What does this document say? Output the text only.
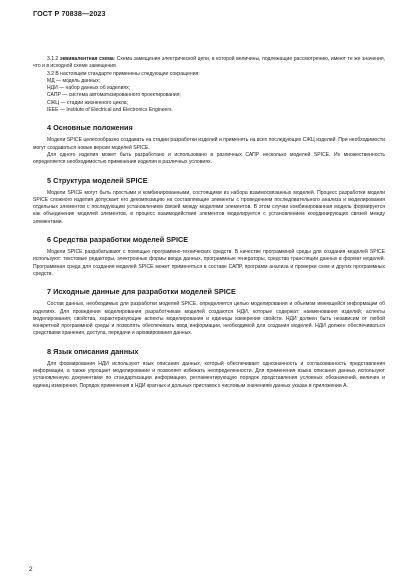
ГОСТ Р 70838—2023

3.1.2 эквивалентная схема: Схема замещения электрической цепи, в которой величины, подлежащие рассмотрению, имеют те же значения, что и в исходной схеме замещения.

3.2 В настоящем стандарте применены следующие сокращения:

МД — модель данных;

НДИ — набор данных об изделиях;

САПР — система автоматизированного проектирования;

СЖЦ — стадии жизненного цикла;

IEEE — Institute of Electrical and Electronics Engineers.

4 Основные положения

Модели SPICE целесообразно создавать на стадии разработки изделий и применять на всех последующих СЖЦ изделий. При необходимости могут создаваться новые версии моделей SPICE.

Для одного изделия может быть разработано и использовано в различных САПР несколько моделей SPICE. Их множественность определяется необходимостью применения изделия в различных условиях.

5 Структура моделей SPICE

Модели SPICE могут быть простыми и комбинированными, состоящими из набора взаимосвязанных моделей. Процесс разработки модели SPICE сложного изделия допускает его декомпозицию на составляющие элементы с проведением последовательного анализа и моделирования отдельных элементов с последующим установлением связей между моделями элементов. В этом случае комбинированная модель формируется как объединение моделей элементов, в процесс взаимодействия элементов моделируется с установлением координирующих связей между элементами.

6 Средства разработки моделей SPICE

Модели SPICE разрабатывают с помощью программно-технических средств. В качестве программной среды для создания моделей SPICE используют: текстовые редакторы, электронные формы ввода данных, программные генераторы, средства трансляции данных в формат моделей. Программная среда для создания моделей SPICE может применяться в составе САПР, программ анализа и проверки схем и других программных средств.

7 Исходные данные для разработки моделей SPICE

Состав данных, необходимых для разработки моделей SPICE, определяется целью моделирования и объемом имеющейся информации об изделиях. Для проведения моделирования разработчикам моделей создаются НДИ, которые содержат: наименования изделий; аспекты моделирования; свойства, характеризующие аспекты моделирования и единицы измерения свойств. НДИ должен быть независим от любой конкретной программной среды и позволять обеспечивать ввод информации, необходимой для создания моделей. НДИ должен обеспечиваться средствами хранения, доступа, передачи и архивирования данных.

8 Язык описания данных

Для формирования НДИ используют язык описания данных, который обеспечивает однозначность и согласованность представления информации, а также упрощает моделирование и позволяет избежать неопределенности. Для применения языка описания данных используют установленную документами по стандартизации информацию, регламентирующую порядок представления условных обозначений, величин и единиц измерения. Порядок применения в НДИ кратных и дольных приставок к числовым значениям данных указан в приложении А.

2
